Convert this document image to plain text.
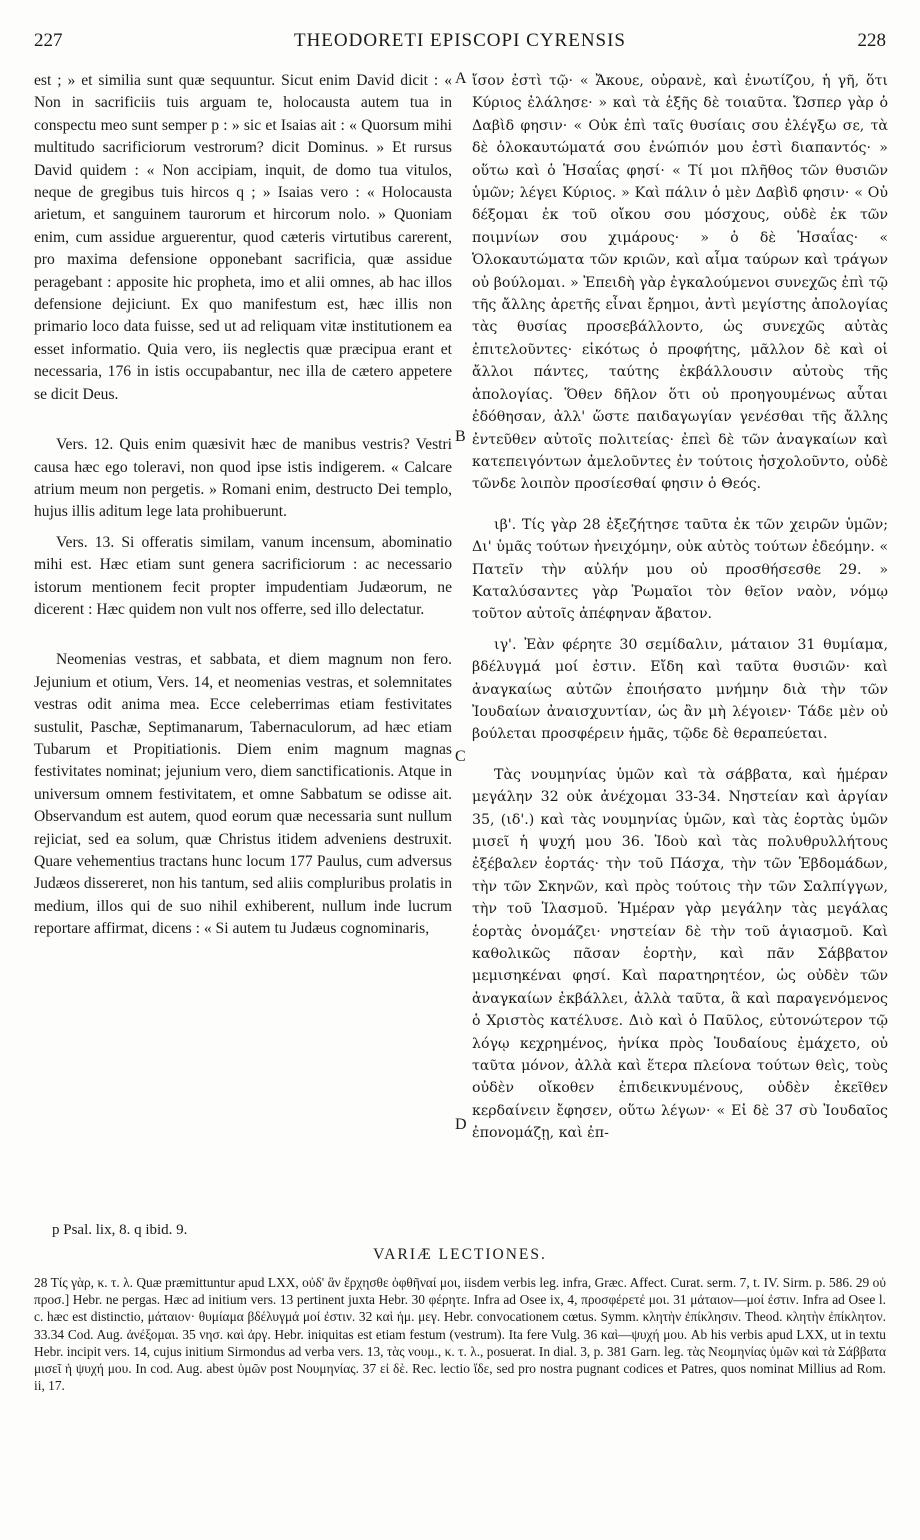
227	THEODORETI EPISCOPI CYRENSIS	228

est ; » et similia sunt quæ sequuntur. Sicut enim David dicit : « Non in sacrificiis tuis arguam te, holocausta autem tua in conspectu meo sunt semper p : » sic et Isaias ait : « Quorsum mihi multitudo sacrificiorum vestrorum? dicit Dominus. » Et rursus David quidem : « Non accipiam, inquit, de domo tua vitulos, neque de gregibus tuis hircos q ; » Isaias vero : « Holocausta arietum, et sanguinem taurorum et hircorum nolo. » Quoniam enim, cum assidue arguerentur, quod cæteris virtutibus carerent, pro maxima defensione opponebant sacrificia, quæ assidue peragebant : apposite hic propheta, imo et alii omnes, ab hac illos defensione dejiciunt. Ex quo manifestum est, hæc illis non primario loco data fuisse, sed ut ad reliquam vitæ institutionem ea esset informatio. Quia vero, iis neglectis quæ præcipua erant et necessaria, 176 in istis occupabantur, nec illa de cætero appetere se dicit Deus.

Vers. 12. Quis enim quæsivit hæc de manibus vestris? Vestri causa hæc ego toleravi, non quod ipse istis indigerem. « Calcare atrium meum non pergetis. » Romani enim, destructo Dei templo, hujus illis aditum lege lata prohibuerunt.

Vers. 13. Si offeratis similam, vanum incensum, abominatio mihi est. Hæc etiam sunt genera sacrificiorum : ac necessario istorum mentionem fecit propter impudentiam Judæorum, ne dicerent : Hæc quidem non vult nos offerre, sed illo delectatur.

Neomenias vestras, et sabbata, et diem magnum non fero. Jejunium et otium, Vers. 14, et neomenias vestras, et solemnitates vestras odit anima mea. Ecce celeberrimas etiam festivitates sustulit, Paschæ, Septimanarum, Tabernaculorum, ad hæc etiam Tubarum et Propitiationis. Diem enim magnum magnas festivitates nominat; jejunium vero, diem sanctificationis. Atque in universum omnem festivitatem, et omne Sabbatum se odisse ait. Observandum est autem, quod eorum quæ necessaria sunt nullum rejiciat, sed ea solum, quæ Christus itidem adveniens destruxit. Quare vehementius tractans hunc locum 177 Paulus, cum adversus Judæos dissereret, non his tantum, sed aliis compluribus prolatis in medium, illos qui de suo nihil exhiberent, nullum inde lucrum reportare affirmat, dicens : « Si autem tu Judæus cognominaris,

A
B
C
D

ἴσον ἐστὶ τῷ· « Ἄκουε, οὐρανὲ, καὶ ἐνωτίζου, ἡ γῆ, ὅτι Κύριος ἐλάλησε· » καὶ τὰ ἑξῆς δὲ τοιαῦτα. Ὥσπερ γὰρ ὁ Δαβὶδ φησιν· « Οὐκ ἐπὶ ταῖς θυσίαις σου ἐλέγξω σε, τὰ δὲ ὁλοκαυτώματά σου ἐνώπιόν μου ἐστὶ διαπαντός· » οὕτω καὶ ὁ Ἡσαΐας φησί· « Τί μοι πλῆθος τῶν θυσιῶν ὑμῶν; λέγει Κύριος. » Καὶ πάλιν ὁ μὲν Δαβὶδ φησιν· « Οὐ δέξομαι ἐκ τοῦ οἴκου σου μόσχους, οὐδὲ ἐκ τῶν ποιμνίων σου χιμάρους· » ὁ δὲ Ἡσαΐας· « Ὁλοκαυτώματα τῶν κριῶν, καὶ αἷμα ταύρων καὶ τράγων οὐ βούλομαι. » Ἐπειδὴ γὰρ ἐγκαλούμενοι συνεχῶς ἐπὶ τῷ τῆς ἄλλης ἀρετῆς εἶναι ἔρημοι, ἀντὶ μεγίστης ἀπολογίας τὰς θυσίας προσεβάλλοντο, ὡς συνεχῶς αὐτὰς ἐπιτελοῦντες· εἰκότως ὁ προφήτης, μᾶλλον δὲ καὶ οἱ ἄλλοι πάντες, ταύτης ἐκβάλλουσιν αὐτοὺς τῆς ἀπολογίας. Ὅθεν δῆλον ὅτι οὐ προηγουμένως αὗται ἐδόθησαν, ἀλλ' ὥστε παιδαγωγίαν γενέσθαι τῆς ἄλλης ἐντεῦθεν αὐτοῖς πολιτείας· ἐπεὶ δὲ τῶν ἀναγκαίων καὶ κατεπειγόντων ἀμελοῦντες ἐν τούτοις ἠσχολοῦντο, οὐδὲ τῶνδε λοιπὸν προσίεσθαί φησιν ὁ Θεός.

ιβ'. Τίς γὰρ 28 ἐξεζήτησε ταῦτα ἐκ τῶν χειρῶν ὑμῶν; Δι' ὑμᾶς τούτων ἠνειχόμην, οὐκ αὐτὸς τούτων ἐδεόμην. « Πατεῖν τὴν αὐλήν μου οὐ προσθήσεσθε 29. » Καταλύσαντες γὰρ Ῥωμαῖοι τὸν θεῖον ναὸν, νόμῳ τοῦτον αὐτοῖς ἀπέφηναν ἄβατον.

ιγ'. Ἐὰν φέρητε 30 σεμίδαλιν, μάταιον 31 θυμίαμα, βδέλυγμά μοί ἐστιν. Εἴδη καὶ ταῦτα θυσιῶν· καὶ ἀναγκαίως αὐτῶν ἐποιήσατο μνήμην διὰ τὴν τῶν Ἰουδαίων ἀναισχυντίαν, ὡς ἂν μὴ λέγοιεν· Τάδε μὲν οὐ βούλεται προσφέρειν ἡμᾶς, τῷδε δὲ θεραπεύεται.

Τὰς νουμηνίας ὑμῶν καὶ τὰ σάββατα, καὶ ἡμέραν μεγάλην 32 οὐκ ἀνέχομαι 33-34. Νηστείαν καὶ ἀργίαν 35, (ιδ'.) καὶ τὰς νουμηνίας ὑμῶν, καὶ τὰς ἑορτὰς ὑμῶν μισεῖ ἡ ψυχή μου 36. Ἰδοὺ καὶ τὰς πολυθρυλλήτους ἐξέβαλεν ἑορτάς· τὴν τοῦ Πάσχα, τὴν τῶν Ἑβδομάδων, τὴν τῶν Σκηνῶν, καὶ πρὸς τούτοις τὴν τῶν Σαλπίγγων, τὴν τοῦ Ἱλασμοῦ. Ἡμέραν γὰρ μεγάλην τὰς μεγάλας ἑορτὰς ὀνομάζει· νηστείαν δὲ τὴν τοῦ ἁγιασμοῦ. Καὶ καθολικῶς πᾶσαν ἑορτὴν, καὶ πᾶν Σάββατον μεμισηκέναι φησί. Καὶ παρατηρητέον, ὡς οὐδὲν τῶν ἀναγκαίων ἐκβάλλει, ἀλλὰ ταῦτα, ἃ καὶ παραγενόμενος ὁ Χριστὸς κατέλυσε. Διὸ καὶ ὁ Παῦλος, εὐτονώτερον τῷ λόγῳ κεχρημένος, ἡνίκα πρὸς Ἰουδαίους ἐμάχετο, οὐ ταῦτα μόνον, ἀλλὰ καὶ ἕτερα πλείονα τούτων θεὶς, τοὺς οὐδὲν οἴκοθεν ἐπιδεικνυμένους, οὐδὲν ἐκεῖθεν κερδαίνειν ἔφησεν, οὕτω λέγων· « Εἰ δὲ 37 σὺ Ἰουδαῖος ἐπονομάζῃ, καὶ ἐπ-

p Psal. lix, 8. q ibid. 9.
VARIÆ LECTIONES.

28 Τίς γὰρ, κ. τ. λ. Quæ præmittuntur apud LXX, οὐδ' ἂν ἔρχησθε ὀφθῆναί μοι, iisdem verbis leg. infra, Græc. Affect. Curat. serm. 7, t. IV. Sirm. p. 586. 29 οὐ προσ.] Hebr. ne pergas. Hæc ad initium vers. 13 pertinent juxta Hebr. 30 φέρητε. Infra ad Osee ix, 4, προσφέρετέ μοι. 31 μάταιον—μοί ἐστιν. Infra ad Osee l. c. hæc est distinctio, μάταιον· θυμίαμα βδέλυγμά μοί ἐστιν. 32 καὶ ἡμ. μεγ. Hebr. convocationem cœtus. Symm. κλητὴν ἐπίκλησιν. Theod. κλητὴν ἐπίκλητον. 33.34 Cod. Aug. ἀνέξομαι. 35 νησ. καὶ ἀργ. Hebr. iniquitas est etiam festum (vestrum). Ita fere Vulg. 36 καὶ—ψυχή μου. Ab his verbis apud LXX, ut in textu Hebr. incipit vers. 14, cujus initium Sirmondus ad verba vers. 13, τὰς νουμ., κ. τ. λ., posuerat. In dial. 3, p. 381 Garn. leg. τὰς Νεομηνίας ὑμῶν καὶ τὰ Σάββατα μισεῖ ἡ ψυχή μου. In cod. Aug. abest ὑμῶν post Νουμηνίας. 37 εἰ δὲ. Rec. lectio ἴδε, sed pro nostra pugnant codices et Patres, quos nominat Millius ad Rom. ii, 17.
